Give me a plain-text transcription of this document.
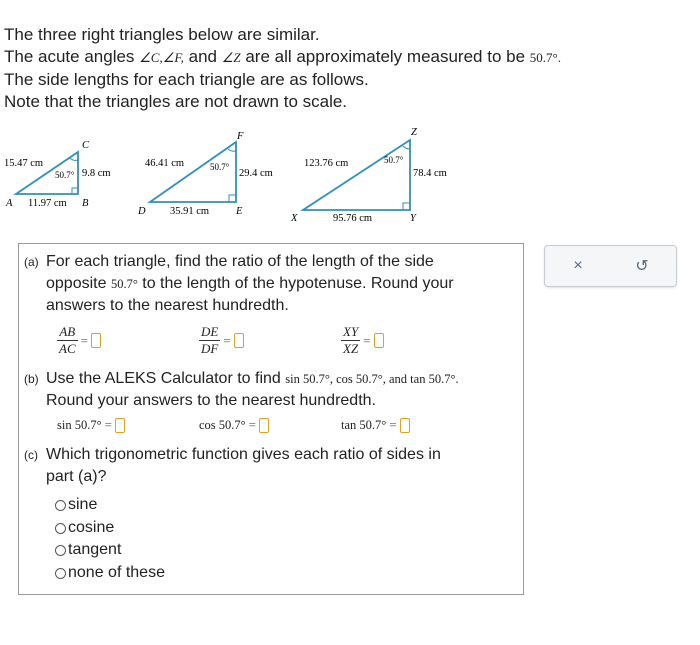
The three right triangles below are similar.
The acute angles ∠C,∠F, and ∠Z are all approximately measured to be 50.7°.
The side lengths for each triangle are as follows.
Note that the triangles are not drawn to scale.
15.47 cm
9.8 cm
50.7°
11.97 cm
A	B
C
46.41 cm
29.4 cm
50.7°
35.91 cm
D	E
F
123.76 cm
78.4 cm
50.7°
95.76 cm
X	Y
Z
(a) For each triangle, find the ratio of the length of the side
opposite 50.7° to the length of the hypotenuse. Round your
answers to the nearest hundredth.
$\frac{AB}{AC}$ =	$\frac{DE}{DF}$ =	$\frac{XY}{XZ}$ =
(b) Use the ALEKS Calculator to find sin 50.7°, cos 50.7°, and tan 50.7°.
Round your answers to the nearest hundredth.
sin 50.7° =	cos 50.7° =	tan 50.7° =
(c) Which trigonometric function gives each ratio of sides in
part (a)?
sine
cosine
tangent
none of these
×	↺
